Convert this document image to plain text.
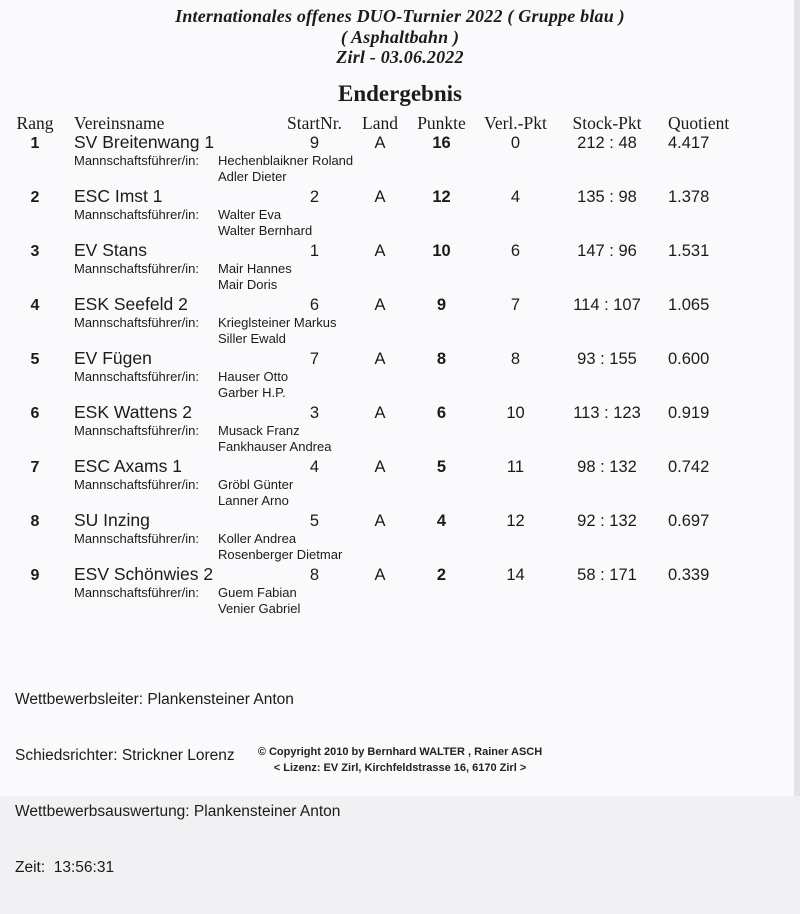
Internationales offenes DUO-Turnier 2022 ( Gruppe blau )
( Asphaltbahn )
Zirl - 03.06.2022
Endergebnis
Rang	Vereinsname	StartNr.	Land	Punkte	Verl.-Pkt	Stock-Pkt	Quotient
1	SV Breitenwang 1	9	A	16	0	212 : 48	4.417
Mannschaftsführer/in:	Hechenblaikner Roland
Adler Dieter
2	ESC Imst 1	2	A	12	4	135 : 98	1.378
Mannschaftsführer/in:	Walter Eva
Walter Bernhard
3	EV Stans	1	A	10	6	147 : 96	1.531
Mannschaftsführer/in:	Mair Hannes
Mair Doris
4	ESK Seefeld 2	6	A	9	7	114 : 107	1.065
Mannschaftsführer/in:	Krieglsteiner Markus
Siller Ewald
5	EV Fügen	7	A	8	8	93 : 155	0.600
Mannschaftsführer/in:	Hauser Otto
Garber H.P.
6	ESK Wattens 2	3	A	6	10	113 : 123	0.919
Mannschaftsführer/in:	Musack Franz
Fankhauser Andrea
7	ESC Axams 1	4	A	5	11	98 : 132	0.742
Mannschaftsführer/in:	Gröbl Günter
Lanner Arno
8	SU Inzing	5	A	4	12	92 : 132	0.697
Mannschaftsführer/in:	Koller Andrea
Rosenberger Dietmar
9	ESV Schönwies 2	8	A	2	14	58 : 171	0.339
Mannschaftsführer/in:	Guem Fabian
Venier Gabriel

Wettbewerbsleiter: Plankensteiner Anton

Schiedsrichter: Strickner Lorenz

Wettbewerbsauswertung: Plankensteiner Anton

Zeit:  13:56:31

© Copyright 2010 by Bernhard WALTER , Rainer ASCH
< Lizenz: EV Zirl, Kirchfeldstrasse 16, 6170 Zirl >
